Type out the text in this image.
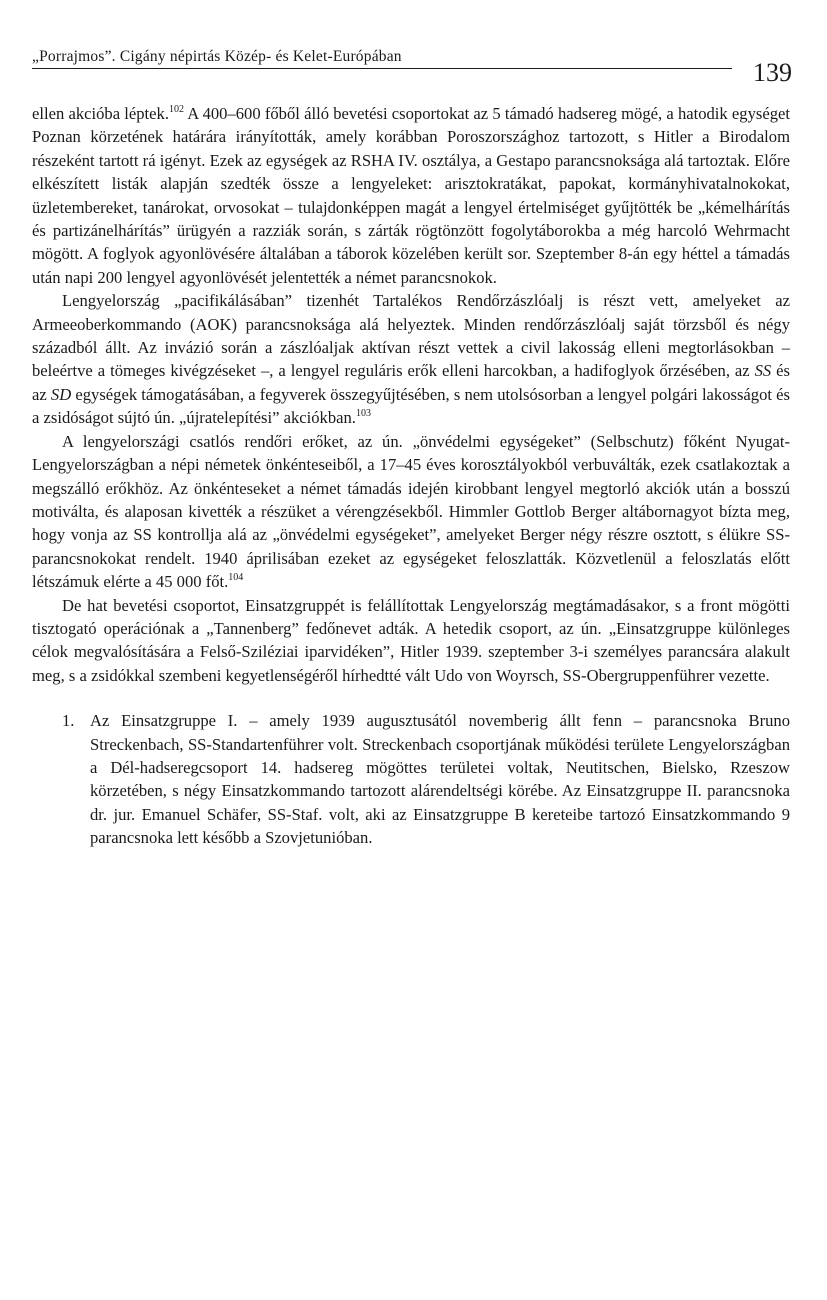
„Porrajmos”. Cigány népirtás Közép- és Kelet-Európában
139

ellen akcióba léptek.$^{102}$ A 400–600 főből álló bevetési csoportokat az 5 támadó hadsereg mögé, a hatodik egységet Poznan körzetének határára irányították, amely korábban Poroszországhoz tartozott, s Hitler a Birodalom részeként tartott rá igényt. Ezek az egységek az RSHA IV. osztálya, a Gestapo parancsnoksága alá tartoztak. Előre elkészített listák alapján szedték össze a lengyeleket: arisztokratákat, papokat, kormányhivatalnokokat, üzletembereket, tanárokat, orvosokat – tulajdonképpen magát a lengyel értelmiséget gyűjtötték be „kémelhárítás és partizánelhárítás” ürügyén a razziák során, s zárták rögtönzött fogolytáborokba a még harcoló Wehrmacht mögött. A foglyok agyonlövésére általában a táborok közelében került sor. Szeptember 8-án egy héttel a támadás után napi 200 lengyel agyonlövését jelentették a német parancsnokok.

Lengyelország „pacifikálásában” tizenhét Tartalékos Rendőrzászlóalj is részt vett, amelyeket az Armeeoberkommando (AOK) parancsnoksága alá helyeztek. Minden rendőrzászlóalj saját törzsből és négy századból állt. Az invázió során a zászlóaljak aktívan részt vettek a civil lakosság elleni megtorlásokban – beleértve a tömeges kivégzéseket –, a lengyel reguláris erők elleni harcokban, a hadifoglyok őrzésében, az SS és az SD egységek támogatásában, a fegyverek összegyűjtésében, s nem utolsósorban a lengyel polgári lakosságot és a zsidóságot sújtó ún. „újratelepítési” akciókban.$^{103}$

A lengyelországi csatlós rendőri erőket, az ún. „önvédelmi egységeket” (Selbschutz) főként Nyugat-Lengyelországban a népi németek önkénteseiből, a 17–45 éves korosztályokból verbuválták, ezek csatlakoztak a megszálló erőkhöz. Az önkénteseket a német támadás idején kirobbant lengyel megtorló akciók után a bosszú motiválta, és alaposan kivették a részüket a vérengzésekből. Himmler Gottlob Berger altábornagyot bízta meg, hogy vonja az SS kontrollja alá az „önvédelmi egységeket”, amelyeket Berger négy részre osztott, s élükre SS-parancsnokokat rendelt. 1940 áprilisában ezeket az egységeket feloszlatták. Közvetlenül a feloszlatás előtt létszámuk elérte a 45 000 főt.$^{104}$

De hat bevetési csoportot, Einsatzgruppét is felállítottak Lengyelország megtámadásakor, s a front mögötti tisztogató operációnak a „Tannenberg” fedőnevet adták. A hetedik csoport, az ún. „Einsatzgruppe különleges célok megvalósítására a Felső-Sziléziai iparvidéken”, Hitler 1939. szeptember 3-i személyes parancsára alakult meg, s a zsidókkal szembeni kegyetlenségéről hírhedtté vált Udo von Woyrsch, SS-Obergruppenführer vezette.

1. Az Einsatzgruppe I. – amely 1939 augusztusától novemberig állt fenn – parancsnoka Bruno Streckenbach, SS-Standartenführer volt. Streckenbach csoportjának működési területe Lengyelországban a Dél-hadseregcsoport 14. hadsereg mögöttes területei voltak, Neutitschen, Bielsko, Rzeszow körzetében, s négy Einsatzkommando tartozott alárendeltségi körébe. Az Einsatzgruppe II. parancsnoka dr. jur. Emanuel Schäfer, SS-Staf. volt, aki az Einsatzgruppe B kereteibe tartozó Einsatzkommando 9 parancsnoka lett később a Szovjetunióban.
